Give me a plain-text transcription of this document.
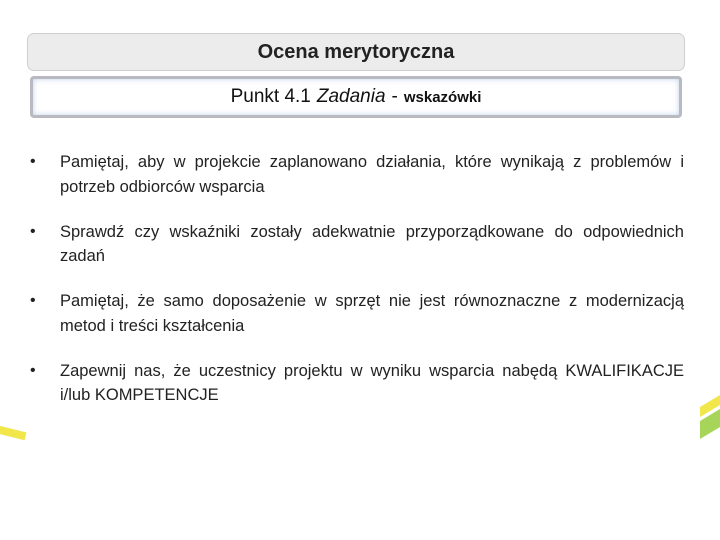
Ocena merytoryczna
Punkt 4.1 Zadania - wskazówki
• Pamiętaj, aby w projekcie zaplanowano działania, które wynikają z problemów i potrzeb odbiorców wsparcia
• Sprawdź czy wskaźniki zostały adekwatnie przyporządkowane do odpowiednich zadań
• Pamiętaj, że samo doposażenie w sprzęt nie jest równoznaczne z modernizacją metod i treści kształcenia
• Zapewnij nas, że uczestnicy projektu w wyniku wsparcia nabędą KWALIFIKACJE i/lub KOMPETENCJE
